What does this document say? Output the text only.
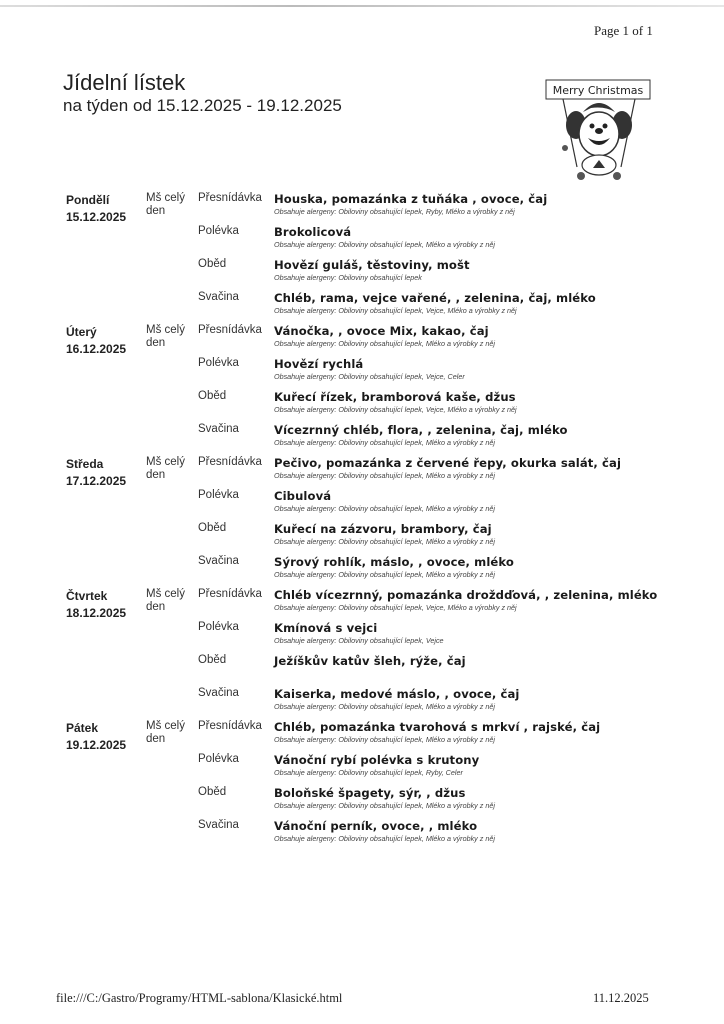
Page 1 of 1
Jídelní lístek
na týden od 15.12.2025 - 19.12.2025
Merry Christmas
Pondělí
15.12.2025
Mš celý den
Přesnídávka Houska, pomazánka z tuňáka , ovoce, čaj
Obsahuje alergeny: Obiloviny obsahující lepek, Ryby, Mléko a výrobky z něj
Polévka	Brokolicová
Obsahuje alergeny: Obiloviny obsahující lepek, Mléko a výrobky z něj
Oběd	Hovězí guláš, těstoviny, mošt
Obsahuje alergeny: Obiloviny obsahující lepek
Svačina	Chléb, rama, vejce vařené, , zelenina, čaj, mléko
Obsahuje alergeny: Obiloviny obsahující lepek, Vejce, Mléko a výrobky z něj
Úterý
16.12.2025
Mš celý den
Přesnídávka Vánočka, , ovoce Mix, kakao, čaj
Obsahuje alergeny: Obiloviny obsahující lepek, Mléko a výrobky z něj
Polévka	Hovězí rychlá
Obsahuje alergeny: Obiloviny obsahující lepek, Vejce, Celer
Oběd	Kuřecí řízek, bramborová kaše, džus
Obsahuje alergeny: Obiloviny obsahující lepek, Vejce, Mléko a výrobky z něj
Svačina	Vícezrnný chléb, flora, , zelenina, čaj, mléko
Obsahuje alergeny: Obiloviny obsahující lepek, Mléko a výrobky z něj
Středa
17.12.2025
Mš celý den
Přesnídávka Pečivo, pomazánka z červené řepy, okurka salát, čaj
Obsahuje alergeny: Obiloviny obsahující lepek, Mléko a výrobky z něj
Polévka	Cibulová
Obsahuje alergeny: Obiloviny obsahující lepek, Mléko a výrobky z něj
Oběd	Kuřecí na zázvoru, brambory, čaj
Obsahuje alergeny: Obiloviny obsahující lepek, Mléko a výrobky z něj
Svačina	Sýrový rohlík, máslo, , ovoce, mléko
Obsahuje alergeny: Obiloviny obsahující lepek, Mléko a výrobky z něj
Čtvrtek
18.12.2025
Mš celý den
Přesnídávka Chléb vícezrnný, pomazánka droždďová, , zelenina, mléko
Obsahuje alergeny: Obiloviny obsahující lepek, Vejce, Mléko a výrobky z něj
Polévka	Kmínová s vejci
Obsahuje alergeny: Obiloviny obsahující lepek, Vejce
Oběd	Ježíškův katův šleh, rýže, čaj
Svačina	Kaiserka, medové máslo, , ovoce, čaj
Obsahuje alergeny: Obiloviny obsahující lepek, Mléko a výrobky z něj
Pátek
19.12.2025
Mš celý den
Přesnídávka Chléb, pomazánka tvarohová s mrkví , rajské, čaj
Obsahuje alergeny: Obiloviny obsahující lepek, Mléko a výrobky z něj
Polévka	Vánoční rybí polévka s krutony
Obsahuje alergeny: Obiloviny obsahující lepek, Ryby, Celer
Oběd	Boloňské špagety, sýr, , džus
Obsahuje alergeny: Obiloviny obsahující lepek, Mléko a výrobky z něj
Svačina	Vánoční perník, ovoce, , mléko
Obsahuje alergeny: Obiloviny obsahující lepek, Mléko a výrobky z něj
file:///C:/Gastro/Programy/HTML-sablona/Klasické.html	11.12.2025
